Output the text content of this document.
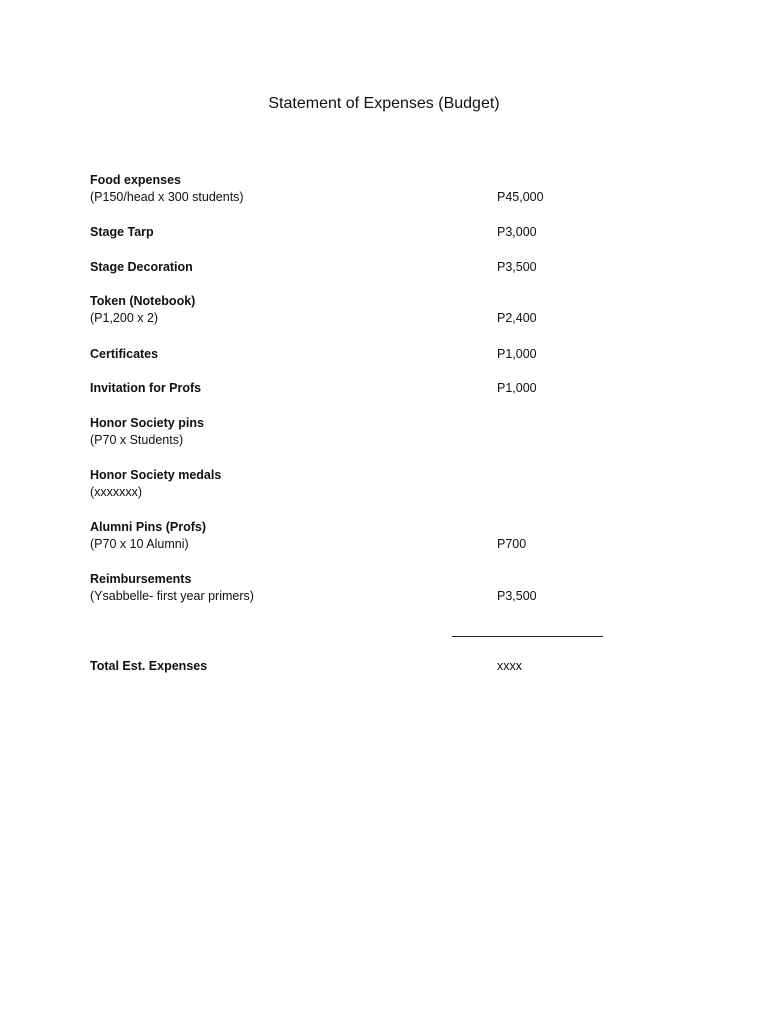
Statement of Expenses (Budget)
Food expenses
(P150/head x 300 students)	P45,000
Stage Tarp	P3,000
Stage Decoration	P3,500
Token (Notebook)
(P1,200 x 2)	P2,400
Certificates	P1,000
Invitation for Profs	P1,000
Honor Society pins
(P70 x Students)
Honor Society medals
(xxxxxxx)
Alumni Pins (Profs)
(P70 x 10 Alumni)	P700
Reimbursements
(Ysabbelle- first year primers)	P3,500
Total Est. Expenses	xxxx
